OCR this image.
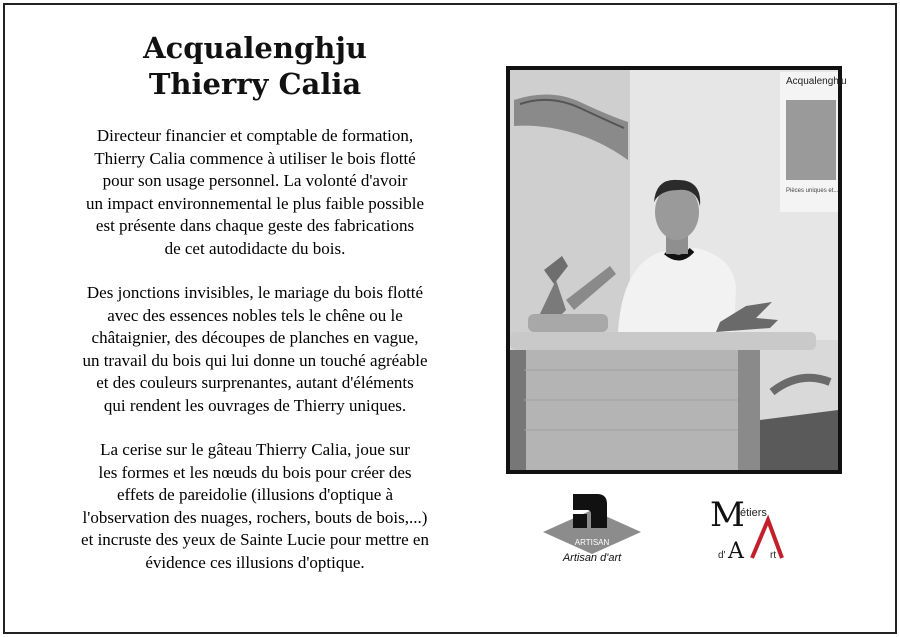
Acqualenghju
Thierry Calia

Directeur financier et comptable de formation,
Thierry Calia commence à utiliser le bois flotté
pour son usage personnel. La volonté d'avoir
un impact environnemental le plus faible possible
est présente dans chaque geste des fabrications
de cet autodidacte du bois.

Des jonctions invisibles, le mariage du bois flotté
avec des essences nobles tels le chêne ou le
châtaignier, des découpes de planches en vague,
un travail du bois qui lui donne un touché agréable
et des couleurs surprenantes, autant d'éléments
qui rendent les ouvrages de Thierry uniques.

La cerise sur le gâteau Thierry Calia, joue sur
les formes et les nœuds du bois pour créer des
effets de pareidolie (illusions d'optique à
l'observation des nuages, rochers, bouts de bois,...)
et incruste des yeux de Sainte Lucie pour mettre en
évidence ces illusions d'optique.

Acqualenghju
Pièces uniques et...
ARTISAN
Artisan d'art
M
étiers
d' A	rt
